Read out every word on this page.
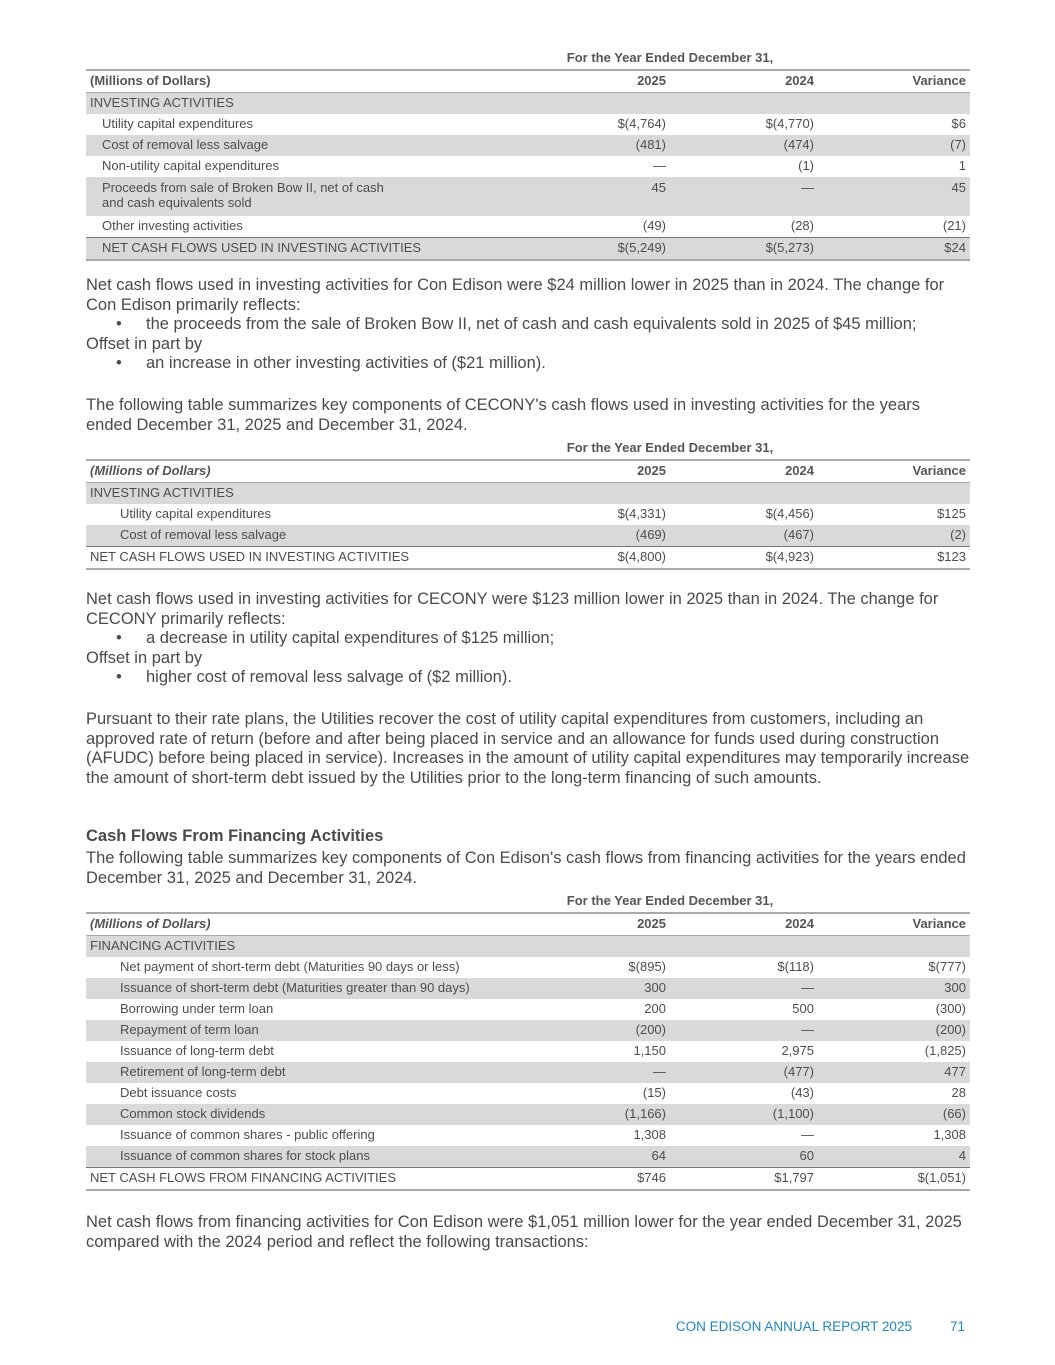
	For the Year Ended December 31,		
(Millions of Dollars)	2025	2024	Variance
INVESTING ACTIVITIES			
Utility capital expenditures	$(4,764)	$(4,770)	$6
Cost of removal less salvage	(481)	(474)	(7)
Non-utility capital expenditures	—	(1)	1
Proceeds from sale of Broken Bow II, net of cash and cash equivalents sold	45	—	45
Other investing activities	(49)	(28)	(21)
NET CASH FLOWS USED IN INVESTING ACTIVITIES	$(5,249)	$(5,273)	$24

Net cash flows used in investing activities for Con Edison were $24 million lower in 2025 than in 2024. The change for Con Edison primarily reflects:

• the proceeds from the sale of Broken Bow II, net of cash and cash equivalents sold in 2025 of $45 million;

Offset in part by

• an increase in other investing activities of ($21 million).

The following table summarizes key components of CECONY's cash flows used in investing activities for the years ended December 31, 2025 and December 31, 2024.

	For the Year Ended December 31,		
(Millions of Dollars)	2025	2024	Variance
INVESTING ACTIVITIES			
Utility capital expenditures	$(4,331)	$(4,456)	$125
Cost of removal less salvage	(469)	(467)	(2)
NET CASH FLOWS USED IN INVESTING ACTIVITIES	$(4,800)	$(4,923)	$123

Net cash flows used in investing activities for CECONY were $123 million lower in 2025 than in 2024. The change for CECONY primarily reflects:

• a decrease in utility capital expenditures of $125 million;

Offset in part by

• higher cost of removal less salvage of ($2 million).

Pursuant to their rate plans, the Utilities recover the cost of utility capital expenditures from customers, including an approved rate of return (before and after being placed in service and an allowance for funds used during construction (AFUDC) before being placed in service). Increases in the amount of utility capital expenditures may temporarily increase the amount of short-term debt issued by the Utilities prior to the long-term financing of such amounts.

Cash Flows From Financing Activities

The following table summarizes key components of Con Edison's cash flows from financing activities for the years ended December 31, 2025 and December 31, 2024.

	For the Year Ended December 31,		
(Millions of Dollars)	2025	2024	Variance
FINANCING ACTIVITIES			
Net payment of short-term debt (Maturities 90 days or less)	$(895)	$(118)	$(777)
Issuance of short-term debt (Maturities greater than 90 days)	300	—	300
Borrowing under term loan	200	500	(300)
Repayment of term loan	(200)	—	(200)
Issuance of long-term debt	1,150	2,975	(1,825)
Retirement of long-term debt	—	(477)	477
Debt issuance costs	(15)	(43)	28
Common stock dividends	(1,166)	(1,100)	(66)
Issuance of common shares - public offering	1,308	—	1,308
Issuance of common shares for stock plans	64	60	4
NET CASH FLOWS FROM FINANCING ACTIVITIES	$746	$1,797	$(1,051)

Net cash flows from financing activities for Con Edison were $1,051 million lower for the year ended December 31, 2025 compared with the 2024 period and reflect the following transactions:

CON EDISON ANNUAL REPORT 2025	71
